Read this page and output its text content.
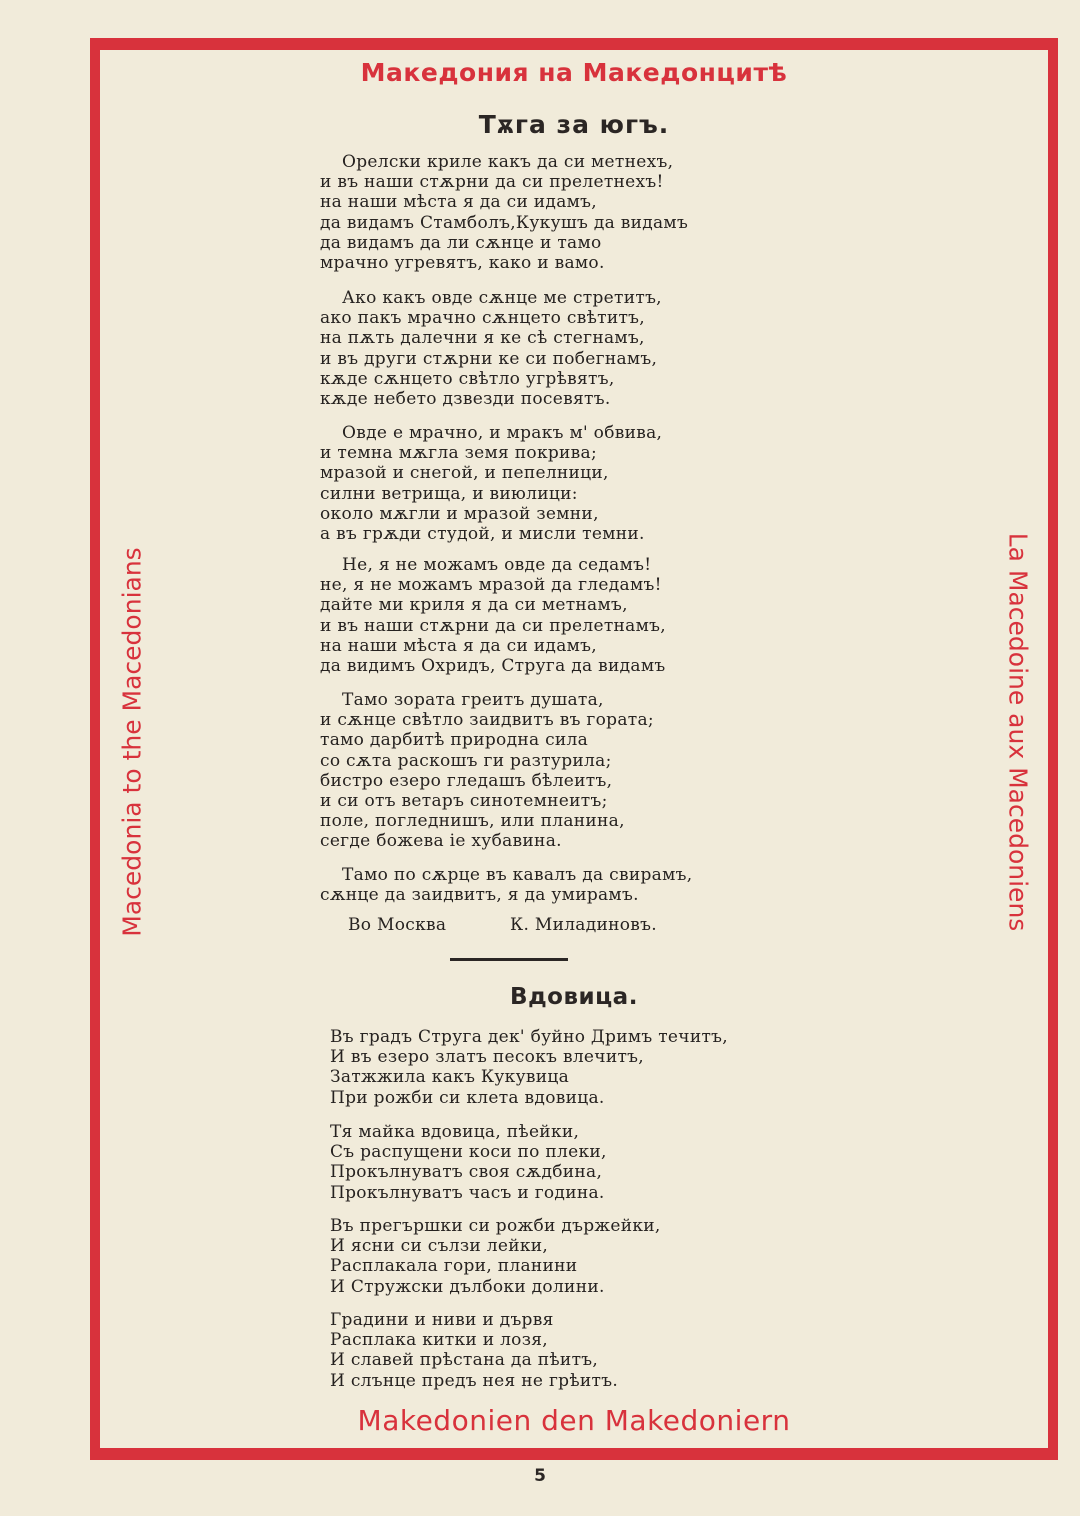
Македония на Македонцитѣ
Macedonia to the Macedonians	La Macedoine aux Macedoniens
Тѫга за югъ.
Орелски криле какъ да си метнехъ,
и въ наши стѫрни да си прелетнехъ!
на наши мѣста я да си идамъ,
да видамъ Стамболъ,Кукушъ да видамъ
да видамъ да ли сѫнце и тамо
мрачно угревятъ, како и вамо.
Ако какъ овде сѫнце ме стретитъ,
ако пакъ мрачно сѫнцето свѣтитъ,
на пѫть далечни я ке сѣ стегнамъ,
и въ други стѫрни ке си побегнамъ,
кѫде сѫнцето свѣтло угрѣвятъ,
кѫде небето дзвезди посевятъ.
Овде е мрачно, и мракъ м' обвива,
и темна мѫгла земя покрива;
мразой и снегой, и пепелници,
силни ветрища, и виюлици:
около мѫгли и мразой земни,
а въ грѫди студой, и мисли темни.
Не, я не можамъ овде да седамъ!
не, я не можамъ мразой да гледамъ!
дайте ми криля я да си метнамъ,
и въ наши стѫрни да си прелетнамъ,
на наши мѣста я да си идамъ,
да видимъ Охридъ, Струга да видамъ
Тамо зората греитъ душата,
и сѫнце свѣтло заидвитъ въ гората;
тамо дарбитѣ природна сила
со сѫта раскошъ ги разтурила;
бистро езеро гледашъ бѣлеитъ,
и си отъ ветаръ синотемнеитъ;
поле, погледнишъ, или планина,
сегде божева іе хубавина.
Тамо по сѫрце въ кавалъ да свирамъ,
сѫнце да заидвитъ, я да умирамъ.
Во Москва	К. Миладиновъ.
Вдовица.
Въ градъ Струга дек' буйно Дримъ течитъ,
И въ езеро златъ песокъ влечитъ,
Затжжила какъ Кукувица
При рожби си клета вдовица.
Тя майка вдовица, пѣейки,
Съ распущени коси по плеки,
Прокълнуватъ своя сѫдбина,
Прокълнуватъ часъ и година.
Въ прегършки си рожби държейки,
И ясни си сълзи лейки,
Расплакала гори, планини
И Стружски дълбоки долини.
Градини и ниви и дървя
Расплака китки и лозя,
И славей прѣстана да пѣитъ,
И слънце предъ нея не грѣитъ.
Makedonien den Makedoniern
5
